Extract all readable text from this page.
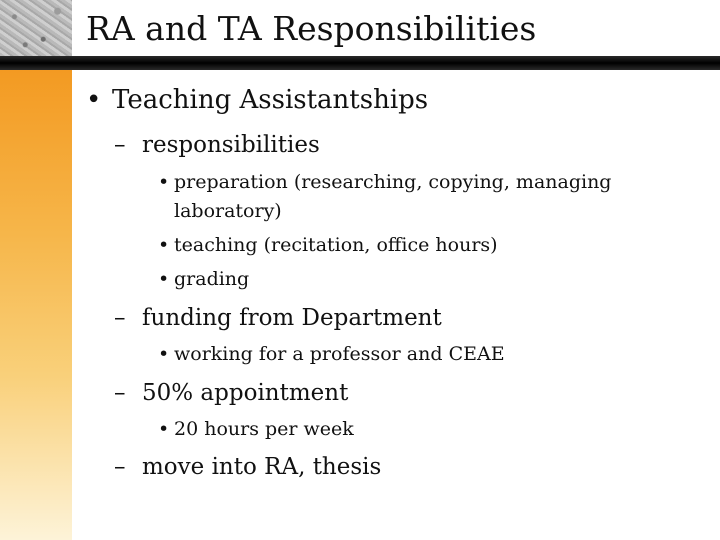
RA and TA Responsibilities
• Teaching Assistantships
– responsibilities
• preparation (researching, copying, managing
laboratory)
• teaching (recitation, office hours)
• grading
– funding from Department
• working for a professor and CEAE
– 50% appointment
• 20 hours per week
– move into RA, thesis
